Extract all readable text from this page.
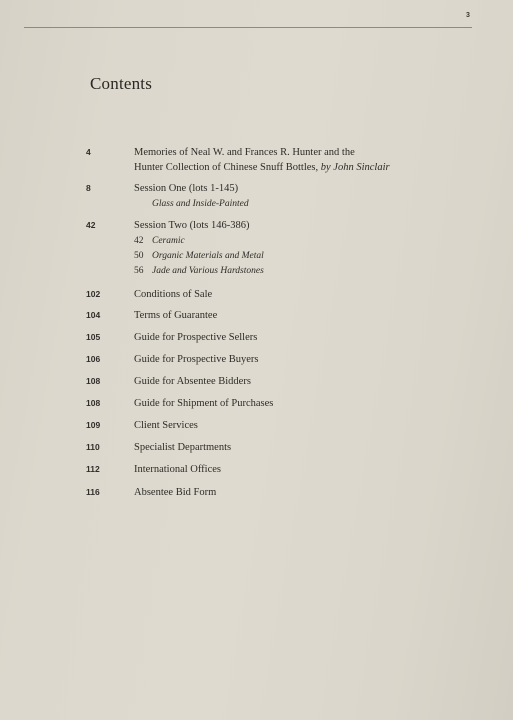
3
Contents
4	Memories of Neal W. and Frances R. Hunter and the
Hunter Collection of Chinese Snuff Bottles, by John Sinclair
8	Session One (lots 1-145)
Glass and Inside-Painted
42	Session Two (lots 146-386)
42 Ceramic
50 Organic Materials and Metal
56 Jade and Various Hardstones
102	Conditions of Sale
104	Terms of Guarantee
105	Guide for Prospective Sellers
106	Guide for Prospective Buyers
108	Guide for Absentee Bidders
108	Guide for Shipment of Purchases
109	Client Services
110	Specialist Departments
112	International Offices
116	Absentee Bid Form
